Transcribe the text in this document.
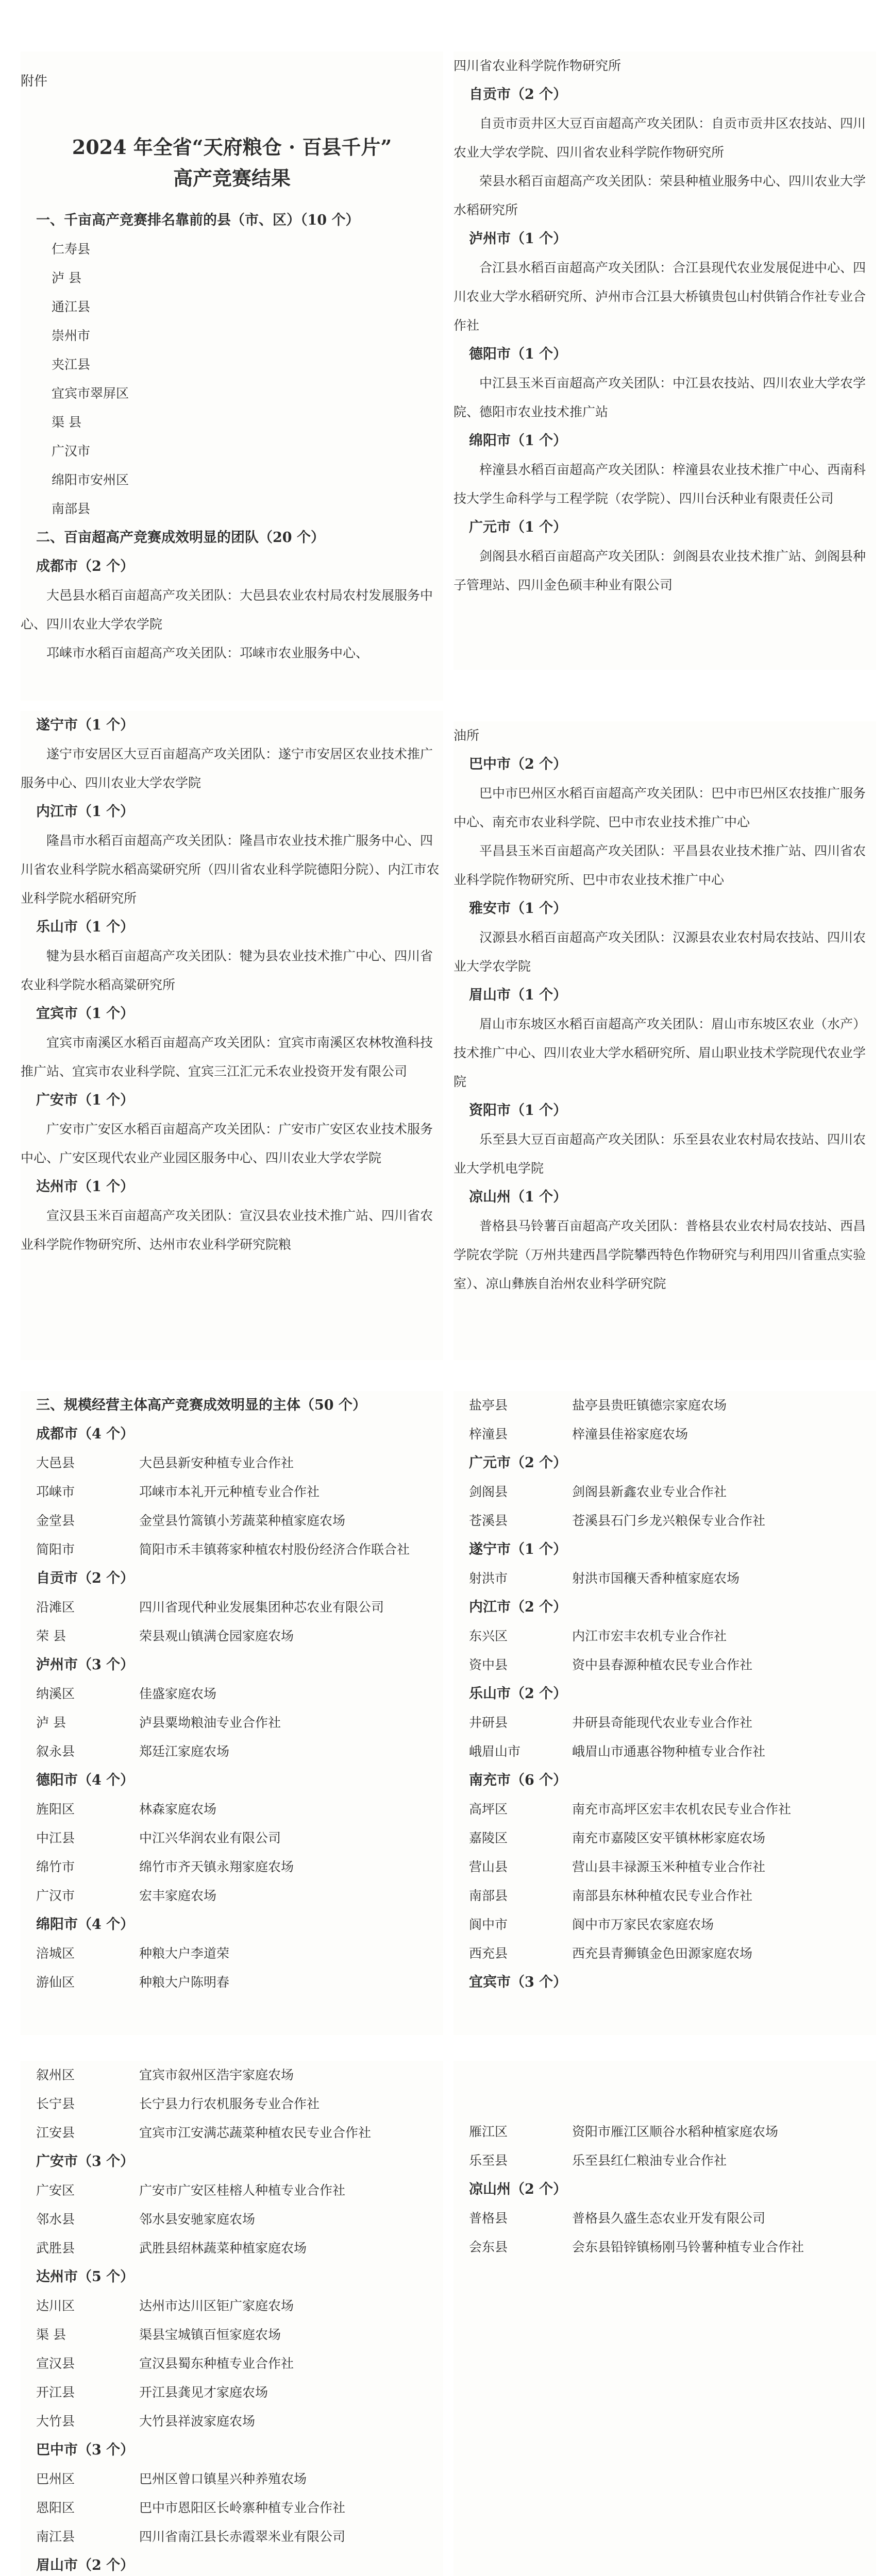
附件
2024 年全省“天府粮仓 · 百县千片”
高产竞赛结果
一、千亩高产竞赛排名靠前的县（市、区）（10 个）
仁寿县
泸 县
通江县
崇州市
夹江县
宜宾市翠屏区
渠 县
广汉市
绵阳市安州区
南部县
二、百亩超高产竞赛成效明显的团队（20 个）
成都市（2 个）
大邑县水稻百亩超高产攻关团队：大邑县农业农村局农村发展服务中心、四川农业大学农学院
邛崃市水稻百亩超高产攻关团队：邛崃市农业服务中心、
四川省农业科学院作物研究所
自贡市（2 个）
自贡市贡井区大豆百亩超高产攻关团队：自贡市贡井区农技站、四川农业大学农学院、四川省农业科学院作物研究所
荣县水稻百亩超高产攻关团队：荣县种植业服务中心、四川农业大学水稻研究所
泸州市（1 个）
合江县水稻百亩超高产攻关团队：合江县现代农业发展促进中心、四川农业大学水稻研究所、泸州市合江县大桥镇贵包山村供销合作社专业合作社
德阳市（1 个）
中江县玉米百亩超高产攻关团队：中江县农技站、四川农业大学农学院、德阳市农业技术推广站
绵阳市（1 个）
梓潼县水稻百亩超高产攻关团队：梓潼县农业技术推广中心、西南科技大学生命科学与工程学院（农学院）、四川台沃种业有限责任公司
广元市（1 个）
剑阁县水稻百亩超高产攻关团队：剑阁县农业技术推广站、剑阁县种子管理站、四川金色硕丰种业有限公司
遂宁市（1 个）
遂宁市安居区大豆百亩超高产攻关团队：遂宁市安居区农业技术推广服务中心、四川农业大学农学院
内江市（1 个）
隆昌市水稻百亩超高产攻关团队：隆昌市农业技术推广服务中心、四川省农业科学院水稻高粱研究所（四川省农业科学院德阳分院）、内江市农业科学院水稻研究所
乐山市（1 个）
犍为县水稻百亩超高产攻关团队：犍为县农业技术推广中心、四川省农业科学院水稻高粱研究所
宜宾市（1 个）
宜宾市南溪区水稻百亩超高产攻关团队：宜宾市南溪区农林牧渔科技推广站、宜宾市农业科学院、宜宾三江汇元禾农业投资开发有限公司
广安市（1 个）
广安市广安区水稻百亩超高产攻关团队：广安市广安区农业技术服务中心、广安区现代农业产业园区服务中心、四川农业大学农学院
达州市（1 个）
宣汉县玉米百亩超高产攻关团队：宣汉县农业技术推广站、四川省农业科学院作物研究所、达州市农业科学研究院粮
油所
巴中市（2 个）
巴中市巴州区水稻百亩超高产攻关团队：巴中市巴州区农技推广服务中心、南充市农业科学院、巴中市农业技术推广中心
平昌县玉米百亩超高产攻关团队：平昌县农业技术推广站、四川省农业科学院作物研究所、巴中市农业技术推广中心
雅安市（1 个）
汉源县水稻百亩超高产攻关团队：汉源县农业农村局农技站、四川农业大学农学院
眉山市（1 个）
眉山市东坡区水稻百亩超高产攻关团队：眉山市东坡区农业（水产）技术推广中心、四川农业大学水稻研究所、眉山职业技术学院现代农业学院
资阳市（1 个）
乐至县大豆百亩超高产攻关团队：乐至县农业农村局农技站、四川农业大学机电学院
凉山州（1 个）
普格县马铃薯百亩超高产攻关团队：普格县农业农村局农技站、西昌学院农学院（万州共建西昌学院攀西特色作物研究与利用四川省重点实验室）、凉山彝族自治州农业科学研究院
三、规模经营主体高产竞赛成效明显的主体（50 个）
成都市（4 个）
大邑县	大邑县新安种植专业合作社
邛崃市	邛崃市本礼开元种植专业合作社
金堂县	金堂县竹篙镇小芳蔬菜种植家庭农场
简阳市	简阳市禾丰镇蒋家种植农村股份经济合作联合社
自贡市（2 个）
沿滩区	四川省现代种业发展集团种芯农业有限公司
荣 县	荣县观山镇满仓园家庭农场
泸州市（3 个）
纳溪区	佳盛家庭农场
泸 县	泸县粟坳粮油专业合作社
叙永县	郑廷江家庭农场
德阳市（4 个）
旌阳区	林森家庭农场
中江县	中江兴华润农业有限公司
绵竹市	绵竹市齐天镇永翔家庭农场
广汉市	宏丰家庭农场
绵阳市（4 个）
涪城区	种粮大户李道荣
游仙区	种粮大户陈明春
盐亭县	盐亭县贵旺镇德宗家庭农场
梓潼县	梓潼县佳裕家庭农场
广元市（2 个）
剑阁县	剑阁县新鑫农业专业合作社
苍溪县	苍溪县石门乡龙兴粮保专业合作社
遂宁市（1 个）
射洪市	射洪市国穰天香种植家庭农场
内江市（2 个）
东兴区	内江市宏丰农机专业合作社
资中县	资中县春源种植农民专业合作社
乐山市（2 个）
井研县	井研县奇能现代农业专业合作社
峨眉山市	峨眉山市通惠谷物种植专业合作社
南充市（6 个）
高坪区	南充市高坪区宏丰农机农民专业合作社
嘉陵区	南充市嘉陵区安平镇林彬家庭农场
营山县	营山县丰禄源玉米种植专业合作社
南部县	南部县东林种植农民专业合作社
阆中市	阆中市万家民农家庭农场
西充县	西充县青狮镇金色田源家庭农场
宜宾市（3 个）
叙州区	宜宾市叙州区浩宇家庭农场
长宁县	长宁县力行农机服务专业合作社
江安县	宜宾市江安满芯蔬菜种植农民专业合作社
广安市（3 个）
广安区	广安市广安区桂榕人种植专业合作社
邻水县	邻水县安驰家庭农场
武胜县	武胜县绍林蔬菜种植家庭农场
达州市（5 个）
达川区	达州市达川区钜广家庭农场
渠 县	渠县宝城镇百恒家庭农场
宣汉县	宣汉县蜀东种植专业合作社
开江县	开江县龚见才家庭农场
大竹县	大竹县祥波家庭农场
巴中市（3 个）
巴州区	巴州区曾口镇星兴种养殖农场
恩阳区	巴中市恩阳区长岭寨种植专业合作社
南江县	四川省南江县长赤霞翠米业有限公司
眉山市（2 个）
雁江区	资阳市雁江区顺谷水稻种植家庭农场
乐至县	乐至县红仁粮油专业合作社
凉山州（2 个）
普格县	普格县久盛生态农业开发有限公司
会东县	会东县铅锌镇杨刚马铃薯种植专业合作社
